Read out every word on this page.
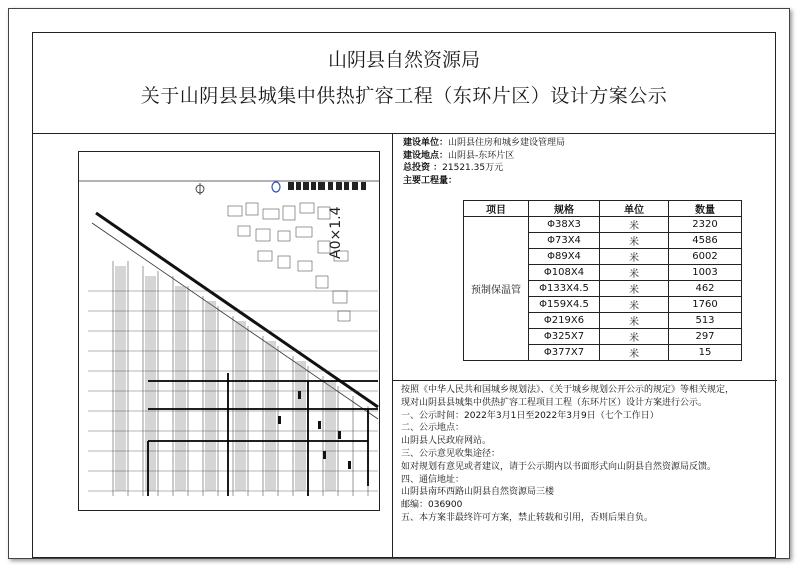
山阴县自然资源局
关于山阴县县城集中供热扩容工程（东环片区）设计方案公示
A0×1.4
建设单位：山阴县住房和城乡建设管理局
建设地点：山阴县-东环片区
总投资 ：21521.35万元
主要工程量：
项目	规格	单位	数量
预制保温管	Φ38X3	米	2320
	Φ73X4	米	4586
	Φ89X4	米	6002
	Φ108X4	米	1003
	Φ133X4.5	米	462
	Φ159X4.5	米	1760
	Φ219X6	米	513
	Φ325X7	米	297
	Φ377X7	米	15
按照《中华人民共和国城乡规划法》、《关于城乡规划公开公示的规定》等相关规定，
现对山阴县县城集中供热扩容工程项目工程（东环片区）设计方案进行公示。
一、公示时间：2022年3月1日至2022年3月9日（七个工作日）
二、公示地点：
山阴县人民政府网站。
三、公示意见收集途径：
如对规划有意见或者建议，请于公示期内以书面形式向山阴县自然资源局反馈。
四、通信地址：
山阴县南环西路山阴县自然资源局三楼
邮编：036900
五、本方案非最终许可方案，禁止转载和引用，否则后果自负。
